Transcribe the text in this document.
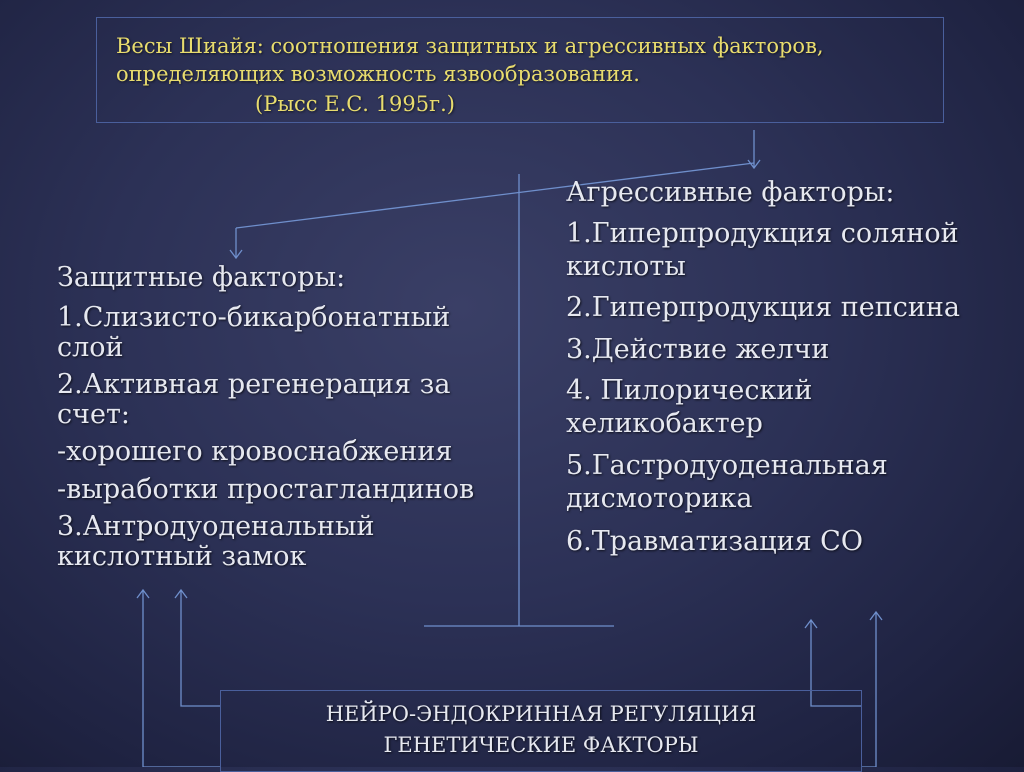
Весы Шиайя: соотношения защитных и агрессивных факторов,
определяющих возможность язвообразования.
(Рысс Е.С. 1995г.)
Защитные факторы:
1.Слизисто-бикарбонатный
слой
2.Активная регенерация за
счет:
-хорошего кровоснабжения
-выработки простагландинов
3.Антродуоденальный
кислотный замок
Агрессивные факторы:
1.Гиперпродукция соляной
кислоты
2.Гиперпродукция пепсина
3.Действие желчи
4. Пилорический
хеликобактер
5.Гастродуоденальная
дисмоторика
6.Травматизация СО
НЕЙРО-ЭНДОКРИННАЯ РЕГУЛЯЦИЯ
ГЕНЕТИЧЕСКИЕ ФАКТОРЫ
